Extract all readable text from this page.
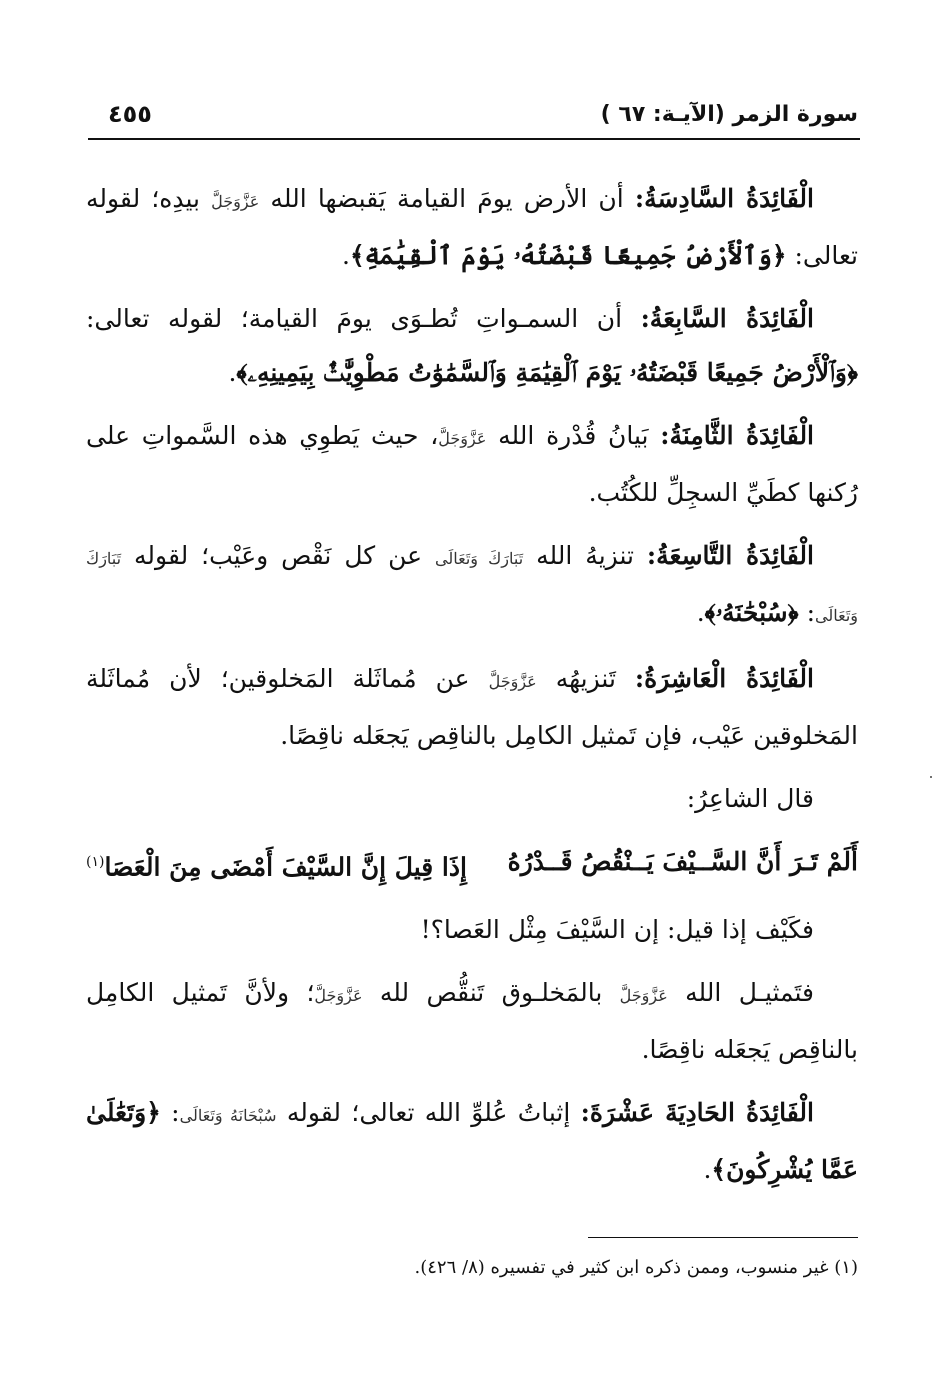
سورة الزمر (الآيـة: ٦٧ )
٤٥٥

الْفَائِدَةُ السَّادِسَةُ: أن الأرض يومَ القيامة يَقبضها الله عَزَّوَجَلَّ بيدِه؛ لقوله تعالى: ﴿وَٱلْأَرْضُ جَمِيعًا قَبْضَتُهُۥ يَوْمَ ٱلْقِيَٰمَةِ﴾.

الْفَائِدَةُ السَّابِعَةُ: أن السمـواتِ تُطـوَى يومَ القيامة؛ لقوله تعالى: ﴿وَٱلْأَرْضُ جَمِيعًا قَبْضَتُهُۥ يَوْمَ ٱلْقِيَٰمَةِ وَٱلسَّمَٰوَٰتُ مَطْوِيَّٰتٌۢ بِيَمِينِهِۦ﴾.

الْفَائِدَةُ الثَّامِنَةُ: بَيانُ قُدْرة الله عَزَّوَجَلَّ، حيث يَطوِي هذه السَّمواتِ على رُكنها كطَيِّ السجِلِّ للكُتُب.

الْفَائِدَةُ التَّاسِعَةُ: تنزيهُ الله تَبَارَكَ وَتَعَالَى عن كل نَقْص وعَيْب؛ لقوله تَبَارَكَ وَتَعَالَى: ﴿سُبْحَٰنَهُۥ﴾.

الْفَائِدَةُ الْعَاشِرَةُ: تَنزيهُه عَزَّوَجَلَّ عن مُماثَلة المَخلوقين؛ لأن مُماثَلة المَخلوقين عَيْب، فإن تَمثيل الكامِل بالناقِص يَجعَله ناقِصًا.

قال الشاعِرُ:

أَلَمْ تَـرَ أَنَّ السَّــيْفَ يَــنْقُصُ قَــدْرُهُ
إِذَا قِيلَ إِنَّ السَّيْفَ أَمْضَى مِنَ الْعَصَا$^{(١)}$

فكَيْف إذا قيل: إن السَّيْفَ مِثْل العَصا؟!

فتَمثيـل الله عَزَّوَجَلَّ بالمَخلـوق تَنقُّص لله عَزَّوَجَلَّ؛ ولأنَّ تَمثيل الكامِل بالناقِص يَجعَله ناقِصًا.

الْفَائِدَةُ الحَادِيَةَ عَشْرَةَ: إثباتُ عُلوِّ الله تعالى؛ لقوله سُبْحَانَهُ وَتَعَالَى: ﴿وَتَعَٰلَىٰ عَمَّا يُشْرِكُونَ﴾.

(١) غير منسوب، وممن ذكره ابن كثير في تفسيره (٨/ ٤٢٦).
